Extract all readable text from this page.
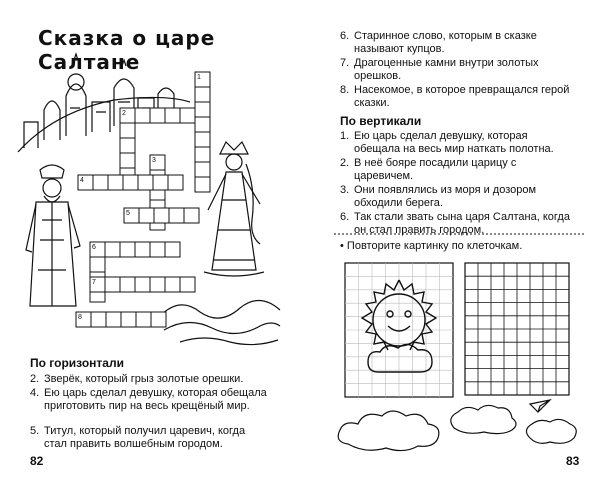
Сказка о царе Салтане
1
2
3
4
5
6
7
8
По горизонтали
2. Зверёк, который грыз золотые орешки.
4. Ею царь сделал девушку, которая обещала приготовить пир на весь крещёный мир.
5. Титул, который получил царевич, когда стал править волшебным городом.
82
6. Старинное слово, которым в сказке называют купцов.
7. Драгоценные камни внутри золотых орешков.
8. Насекомое, в которое превращался герой сказки.
По вертикали
1. Ею царь сделал девушку, которая обещала на весь мир наткать полотна.
2. В неё бояре посадили царицу с царевичем.
3. Они появлялись из моря и дозором обходили берега.
6. Так стали звать сына царя Салтана, когда он стал править городом.
• Повторите картинку по клеточкам.
83
